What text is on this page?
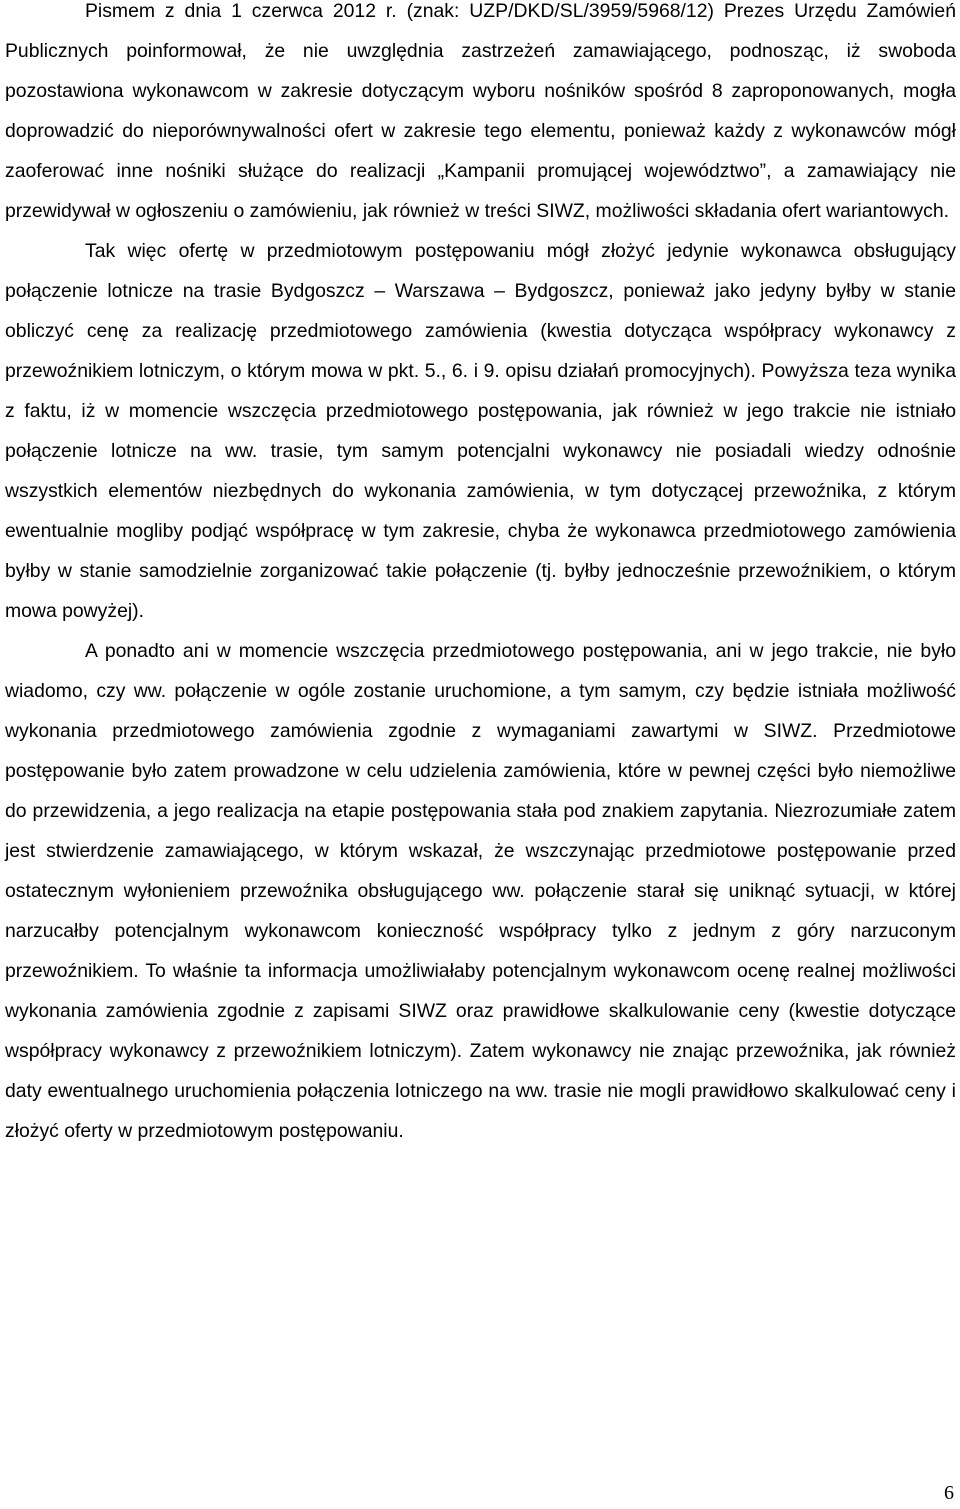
Pismem z dnia 1 czerwca 2012 r. (znak: UZP/DKD/SL/3959/5968/12) Prezes Urzędu Zamówień Publicznych poinformował, że nie uwzględnia zastrzeżeń zamawiającego, podnosząc, iż swoboda pozostawiona wykonawcom w zakresie dotyczącym wyboru nośników spośród 8 zaproponowanych, mogła doprowadzić do nieporównywalności ofert w zakresie tego elementu, ponieważ każdy z wykonawców mógł zaoferować inne nośniki służące do realizacji „Kampanii promującej województwo”, a zamawiający nie przewidywał w ogłoszeniu o zamówieniu, jak również w treści SIWZ, możliwości składania ofert wariantowych.

Tak więc ofertę w przedmiotowym postępowaniu mógł złożyć jedynie wykonawca obsługujący połączenie lotnicze na trasie Bydgoszcz – Warszawa – Bydgoszcz, ponieważ jako jedyny byłby w stanie obliczyć cenę za realizację przedmiotowego zamówienia (kwestia dotycząca współpracy wykonawcy z przewoźnikiem lotniczym, o którym mowa w pkt. 5., 6. i 9. opisu działań promocyjnych). Powyższa teza wynika z faktu, iż w momencie wszczęcia przedmiotowego postępowania, jak również w jego trakcie nie istniało połączenie lotnicze na ww. trasie, tym samym potencjalni wykonawcy nie posiadali wiedzy odnośnie wszystkich elementów niezbędnych do wykonania zamówienia, w tym dotyczącej przewoźnika, z którym ewentualnie mogliby podjąć współpracę w tym zakresie, chyba że wykonawca przedmiotowego zamówienia byłby w stanie samodzielnie zorganizować takie połączenie (tj. byłby jednocześnie przewoźnikiem, o którym mowa powyżej).

A ponadto ani w momencie wszczęcia przedmiotowego postępowania, ani w jego trakcie, nie było wiadomo, czy ww. połączenie w ogóle zostanie uruchomione, a tym samym, czy będzie istniała możliwość wykonania przedmiotowego zamówienia zgodnie z wymaganiami zawartymi w SIWZ. Przedmiotowe postępowanie było zatem prowadzone w celu udzielenia zamówienia, które w pewnej części było niemożliwe do przewidzenia, a jego realizacja na etapie postępowania stała pod znakiem zapytania. Niezrozumiałe zatem jest stwierdzenie zamawiającego, w którym wskazał, że wszczynając przedmiotowe postępowanie przed ostatecznym wyłonieniem przewoźnika obsługującego ww. połączenie starał się uniknąć sytuacji, w której narzucałby potencjalnym wykonawcom konieczność współpracy tylko z jednym z góry narzuconym przewoźnikiem. To właśnie ta informacja umożliwiałaby potencjalnym wykonawcom ocenę realnej możliwości wykonania zamówienia zgodnie z zapisami SIWZ oraz prawidłowe skalkulowanie ceny (kwestie dotyczące współpracy wykonawcy z przewoźnikiem lotniczym). Zatem wykonawcy nie znając przewoźnika, jak również daty ewentualnego uruchomienia połączenia lotniczego na ww. trasie nie mogli prawidłowo skalkulować ceny i złożyć oferty w przedmiotowym postępowaniu.

6
